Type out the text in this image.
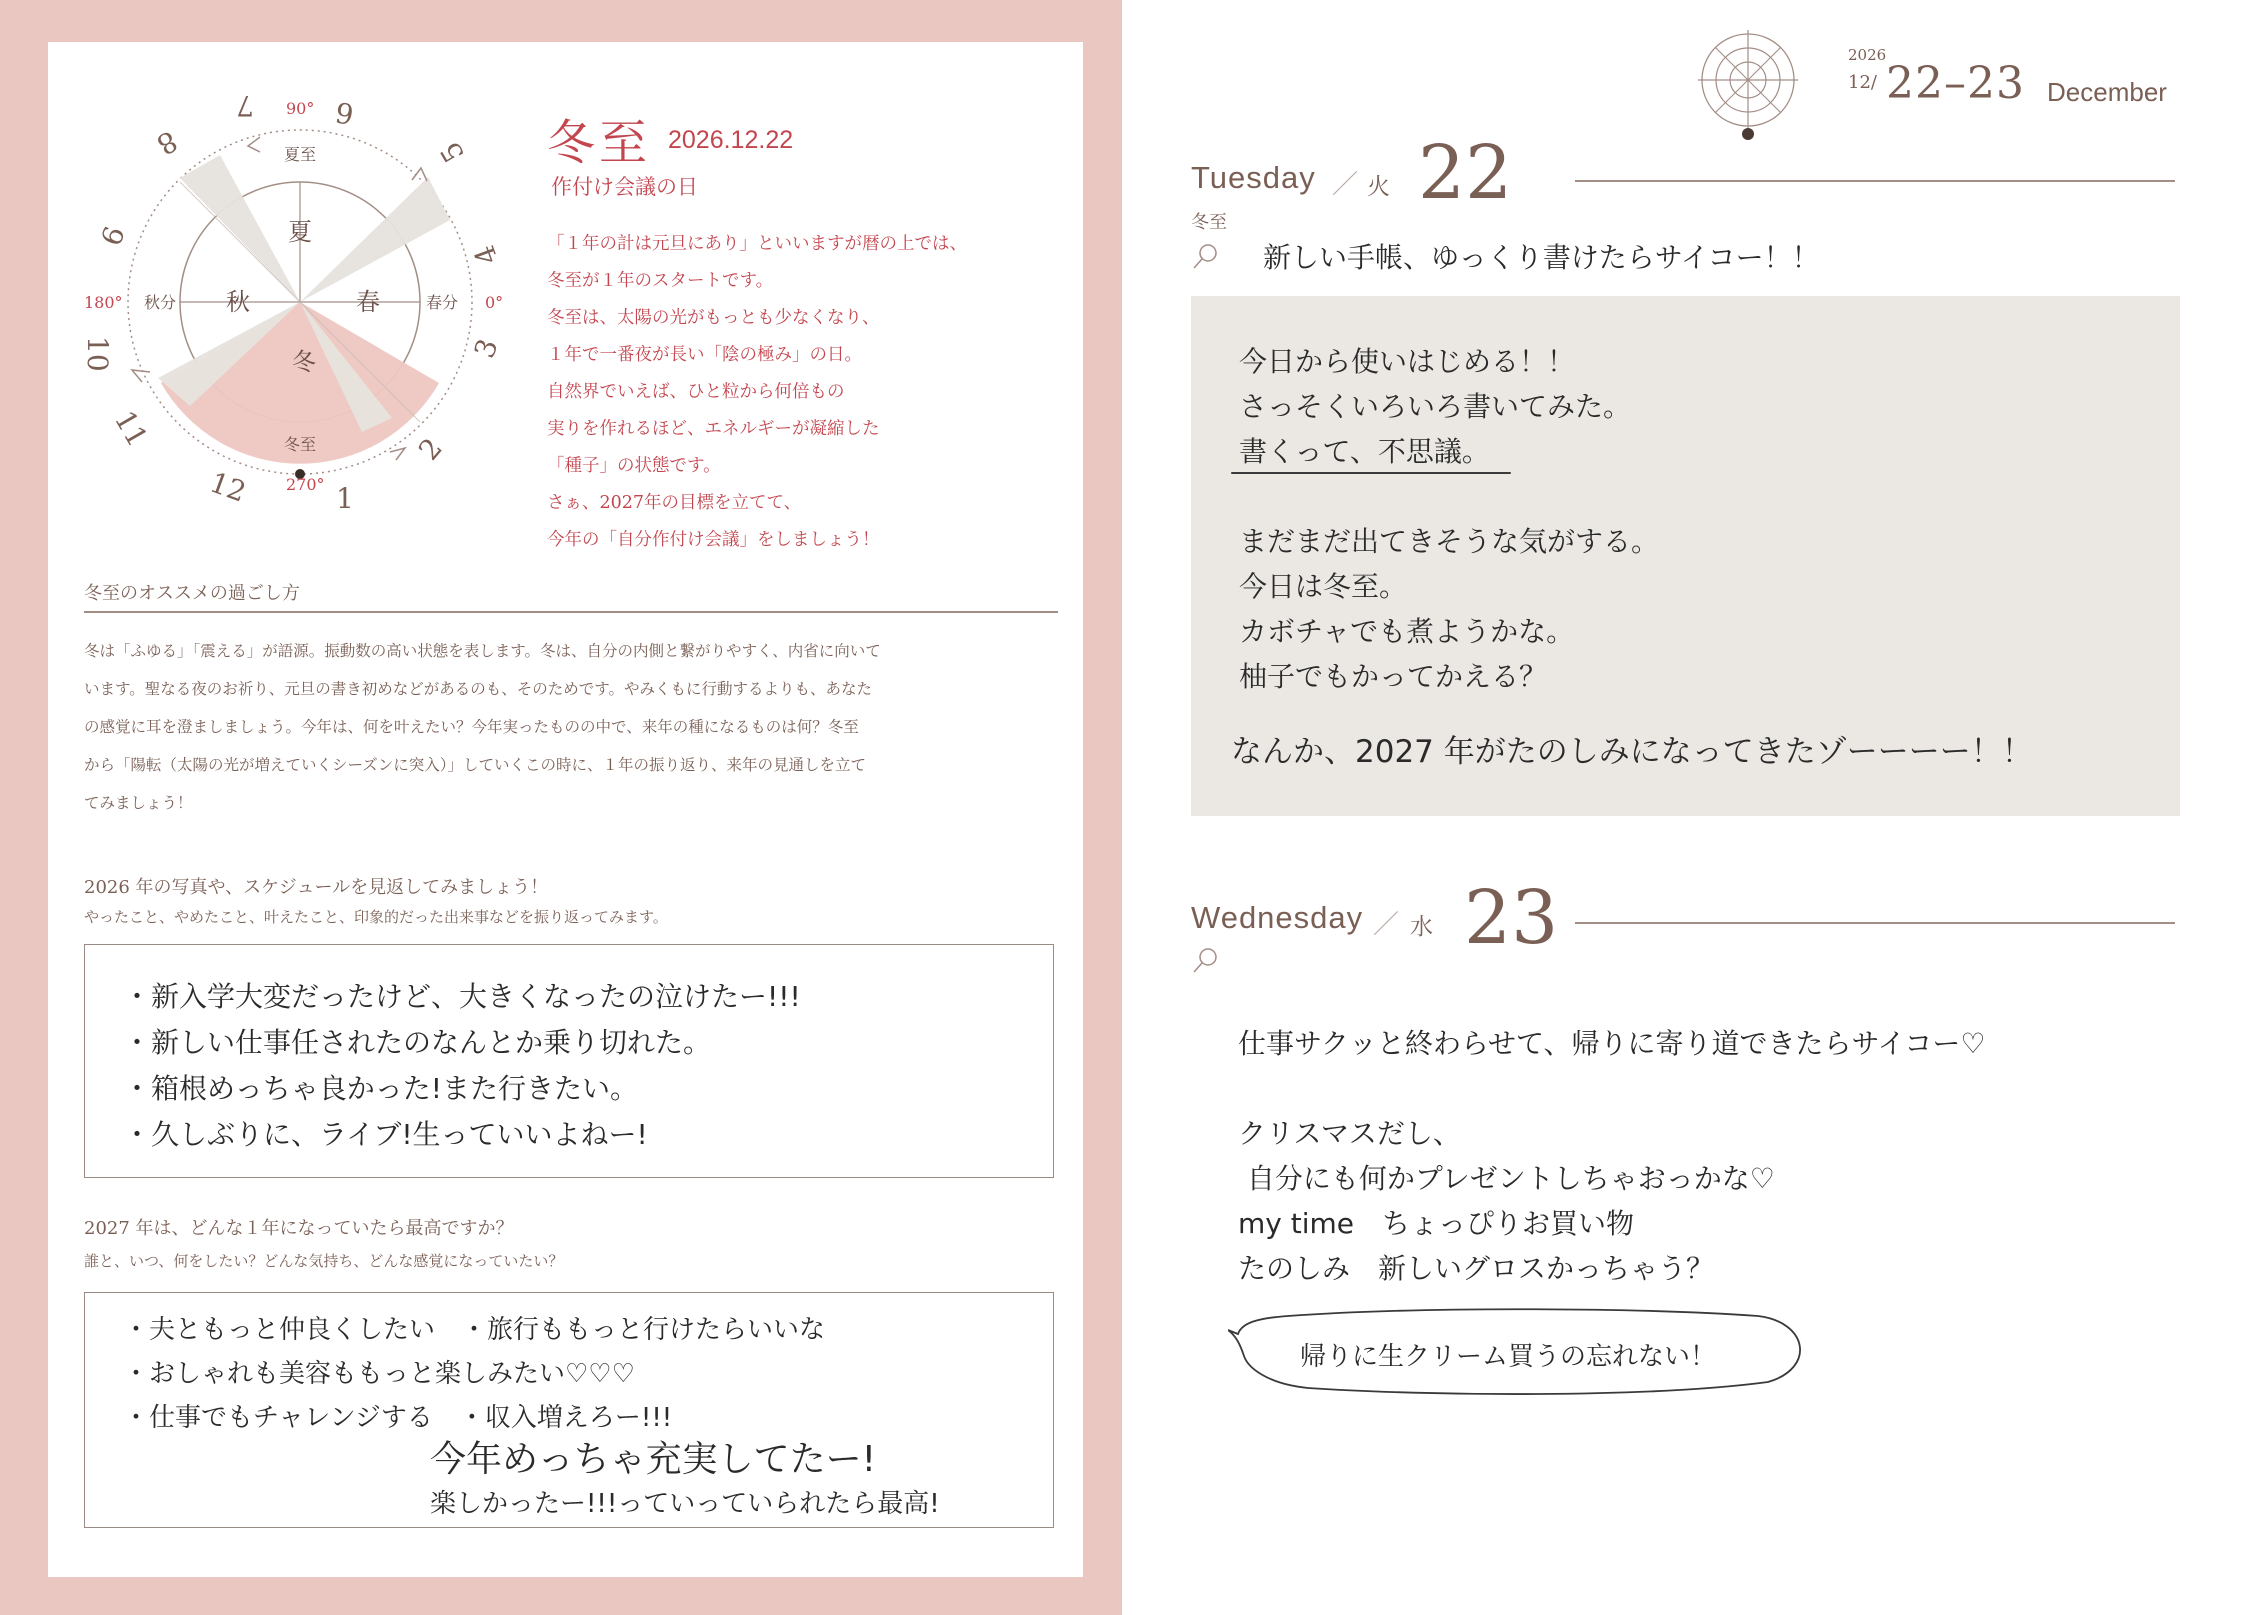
1
2
3
4
5
6
7
8
9
10
11
12
90°
180°	0°
270°
夏
秋	春
冬
夏至
秋分	春分
冬至
冬至 2026.12.22
作付け会議の日
「１年の計は元旦にあり」といいますが暦の上では、
冬至が１年のスタートです。
冬至は、太陽の光がもっとも少なくなり、
１年で一番夜が長い「陰の極み」の日。
自然界でいえば、ひと粒から何倍もの
実りを作れるほど、エネルギーが凝縮した
「種子」の状態です。
さぁ、2027年の目標を立てて、
今年の「自分作付け会議」をしましょう！
冬至のオススメの過ごし方
冬は「ふゆる」「震える」が語源。振動数の高い状態を表します。冬は、自分の内側と繋がりやすく、内省に向いて
います。聖なる夜のお祈り、元旦の書き初めなどがあるのも、そのためです。やみくもに行動するよりも、あなた
の感覚に耳を澄ましましょう。今年は、何を叶えたい？今年実ったものの中で、来年の種になるものは何？冬至
から「陽転（太陽の光が増えていくシーズンに突入）」していくこの時に、１年の振り返り、来年の見通しを立て
てみましょう！
2026 年の写真や、スケジュールを見返してみましょう！
やったこと、やめたこと、叶えたこと、印象的だった出来事などを振り返ってみます。
・新入学大変だったけど、大きくなったの泣けたー!!!
・新しい仕事任されたのなんとか乗り切れた。
・箱根めっちゃ良かった!また行きたい。
・久しぶりに、ライブ!生っていいよねー!
2027 年は、どんな１年になっていたら最高ですか？
誰と、いつ、何をしたい？どんな気持ち、どんな感覚になっていたい？
・夫ともっと仲良くしたい　・旅行ももっと行けたらいいな
・おしゃれも美容ももっと楽しみたい♡♡♡
・仕事でもチャレンジする　・収入増えろー!!!
今年めっちゃ充実してたー!
楽しかったー!!!っていっていられたら最高!
2026
12/ 22–23 December
Tuesday ／ 火 22
冬至
新しい手帳、ゆっくり書けたらサイコー！！
今日から使いはじめる！！
さっそくいろいろ書いてみた。
書くって、不思議。
まだまだ出てきそうな気がする。
今日は冬至。
カボチャでも煮ようかな。
柚子でもかってかえる？
なんか、2027 年がたのしみになってきたゾーーーー！！
Wednesday ／ 水 23
仕事サクッと終わらせて、帰りに寄り道できたらサイコー♡
クリスマスだし、
自分にも何かプレゼントしちゃおっかな♡
my time　ちょっぴりお買い物
たのしみ　新しいグロスかっちゃう？
帰りに生クリーム買うの忘れない！
